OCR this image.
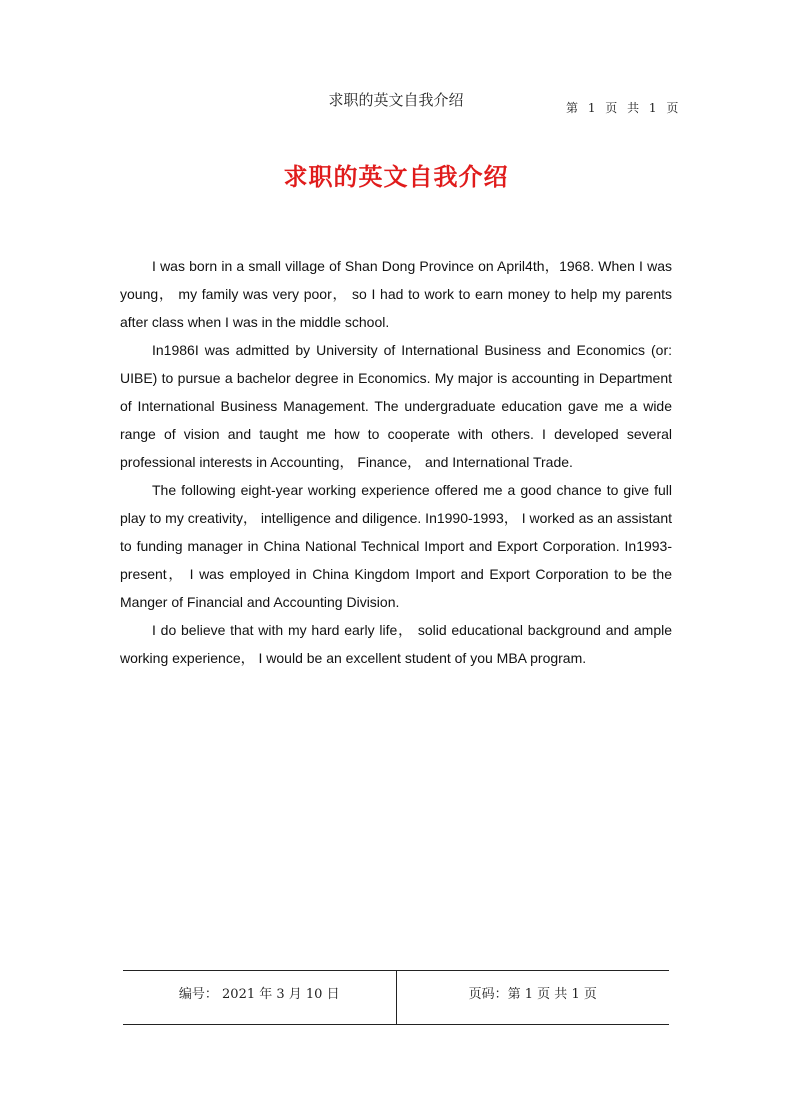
求职的英文自我介绍	第 1 页 共 1 页
求职的英文自我介绍

I was born in a small village of Shan Dong Province on April4th，1968. When I was young， my family was very poor， so I had to work to earn money to help my parents after class when I was in the middle school.

In1986I was admitted by University of International Business and Economics (or: UIBE) to pursue a bachelor degree in Economics. My major is accounting in Department of International Business Management. The undergraduate education gave me a wide range of vision and taught me how to cooperate with others. I developed several professional interests in Accounting， Finance， and International Trade.

The following eight-year working experience offered me a good chance to give full play to my creativity， intelligence and diligence. In1990-1993， I worked as an assistant to funding manager in China National Technical Import and Export Corporation. In1993-present， I was employed in China Kingdom Import and Export Corporation to be the Manger of Financial and Accounting Division.

I do believe that with my hard early life， solid educational background and ample working experience， I would be an excellent student of you MBA program.

编号： 2021 年 3 月 10 日	页码：第 1 页 共 1 页
